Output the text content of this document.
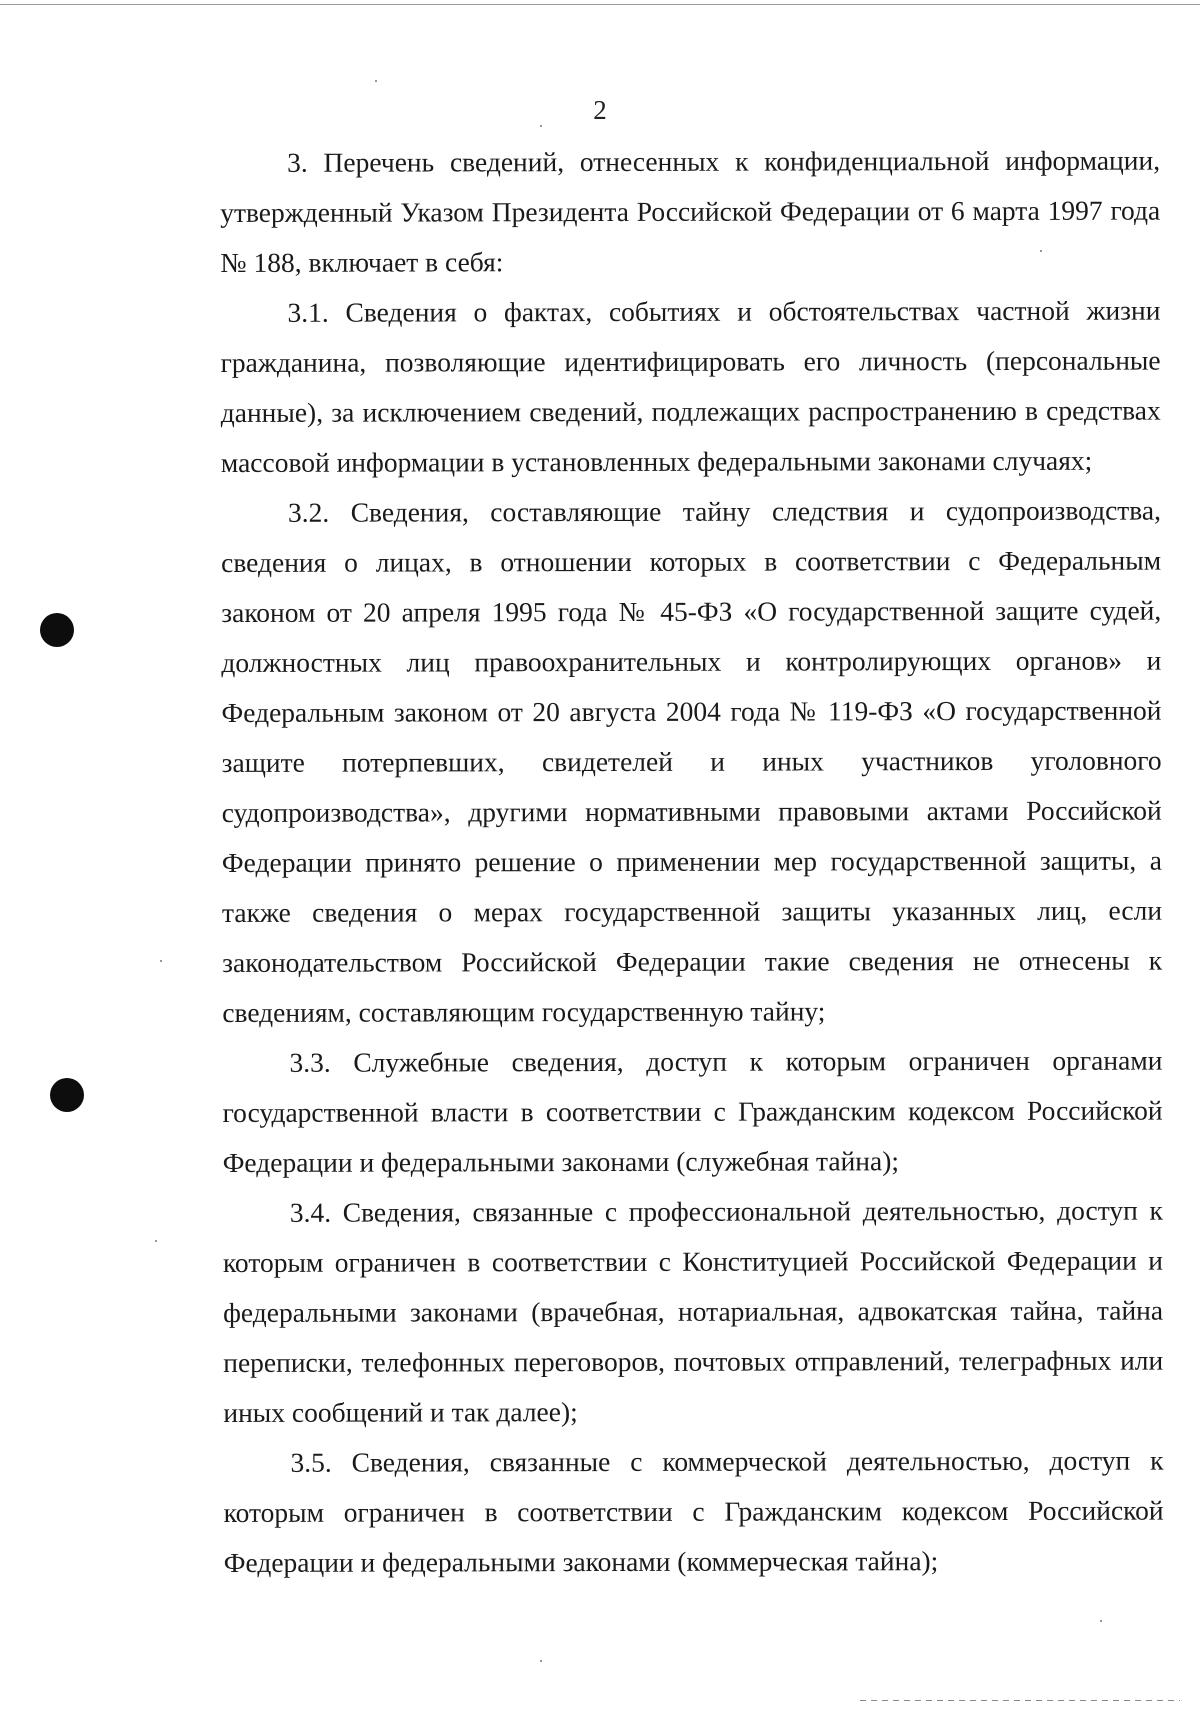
2

3. Перечень сведений, отнесенных к конфиденциальной информации, утвержденный Указом Президента Российской Федерации от 6 марта 1997 года № 188, включает в себя:

3.1. Сведения о фактах, событиях и обстоятельствах частной жизни гражданина, позволяющие идентифицировать его личность (персональные данные), за исключением сведений, подлежащих распространению в средствах массовой информации в установленных федеральными законами случаях;

3.2. Сведения, составляющие тайну следствия и судопроизводства, сведения о лицах, в отношении которых в соответствии с Федеральным законом от 20 апреля 1995 года № 45-ФЗ «О государственной защите судей, должностных лиц правоохранительных и контролирующих органов» и Федеральным законом от 20 августа 2004 года № 119-ФЗ «О государственной защите потерпевших, свидетелей и иных участников уголовного судопроизводства», другими нормативными правовыми актами Российской Федерации принято решение о применении мер государственной защиты, а также сведения о мерах государственной защиты указанных лиц, если законодательством Российской Федерации такие сведения не отнесены к сведениям, составляющим государственную тайну;

3.3. Служебные сведения, доступ к которым ограничен органами государственной власти в соответствии с Гражданским кодексом Российской Федерации и федеральными законами (служебная тайна);

3.4. Сведения, связанные с профессиональной деятельностью, доступ к которым ограничен в соответствии с Конституцией Российской Федерации и федеральными законами (врачебная, нотариальная, адвокатская тайна, тайна переписки, телефонных переговоров, почтовых отправлений, телеграфных или иных сообщений и так далее);

3.5. Сведения, связанные с коммерческой деятельностью, доступ к которым ограничен в соответствии с Гражданским кодексом Российской Федерации и федеральными законами (коммерческая тайна);
